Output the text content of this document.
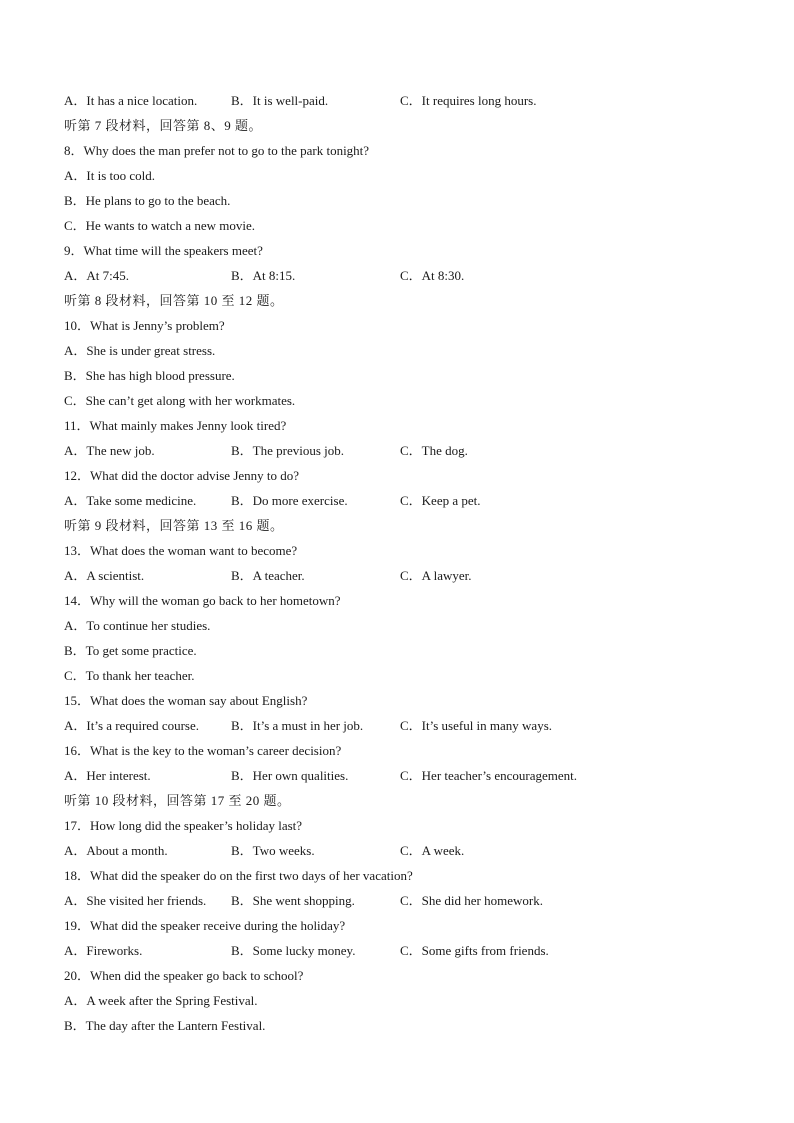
A．It has a nice location.	B．It is well-paid.	C．It requires long hours.
听第 7 段材料，回答第 8、9 题。
8．Why does the man prefer not to go to the park tonight?
A．It is too cold.
B．He plans to go to the beach.
C．He wants to watch a new movie.
9．What time will the speakers meet?
A．At 7:45.	B．At 8:15.	C．At 8:30.
听第 8 段材料，回答第 10 至 12 题。
10．What is Jenny’s problem?
A．She is under great stress.
B．She has high blood pressure.
C．She can’t get along with her workmates.
11．What mainly makes Jenny look tired?
A．The new job.	B．The previous job.	C．The dog.
12．What did the doctor advise Jenny to do?
A．Take some medicine.	B．Do more exercise.	C．Keep a pet.
听第 9 段材料，回答第 13 至 16 题。
13．What does the woman want to become?
A．A scientist.	B．A teacher.	C．A lawyer.
14．Why will the woman go back to her hometown?
A．To continue her studies.
B．To get some practice.
C．To thank her teacher.
15．What does the woman say about English?
A．It’s a required course. B．It’s a must in her job.	C．It’s useful in many ways.
16．What is the key to the woman’s career decision?
A．Her interest.	B．Her own qualities.	C．Her teacher’s encouragement.
听第 10 段材料，回答第 17 至 20 题。
17．How long did the speaker’s holiday last?
A．About a month.	B．Two weeks.	C．A week.
18．What did the speaker do on the first two days of her vacation?
A．She visited her friends. B．She went shopping.	C．She did her homework.
19．What did the speaker receive during the holiday?
A．Fireworks.	B．Some lucky money.	C．Some gifts from friends.
20．When did the speaker go back to school?
A．A week after the Spring Festival.
B．The day after the Lantern Festival.
